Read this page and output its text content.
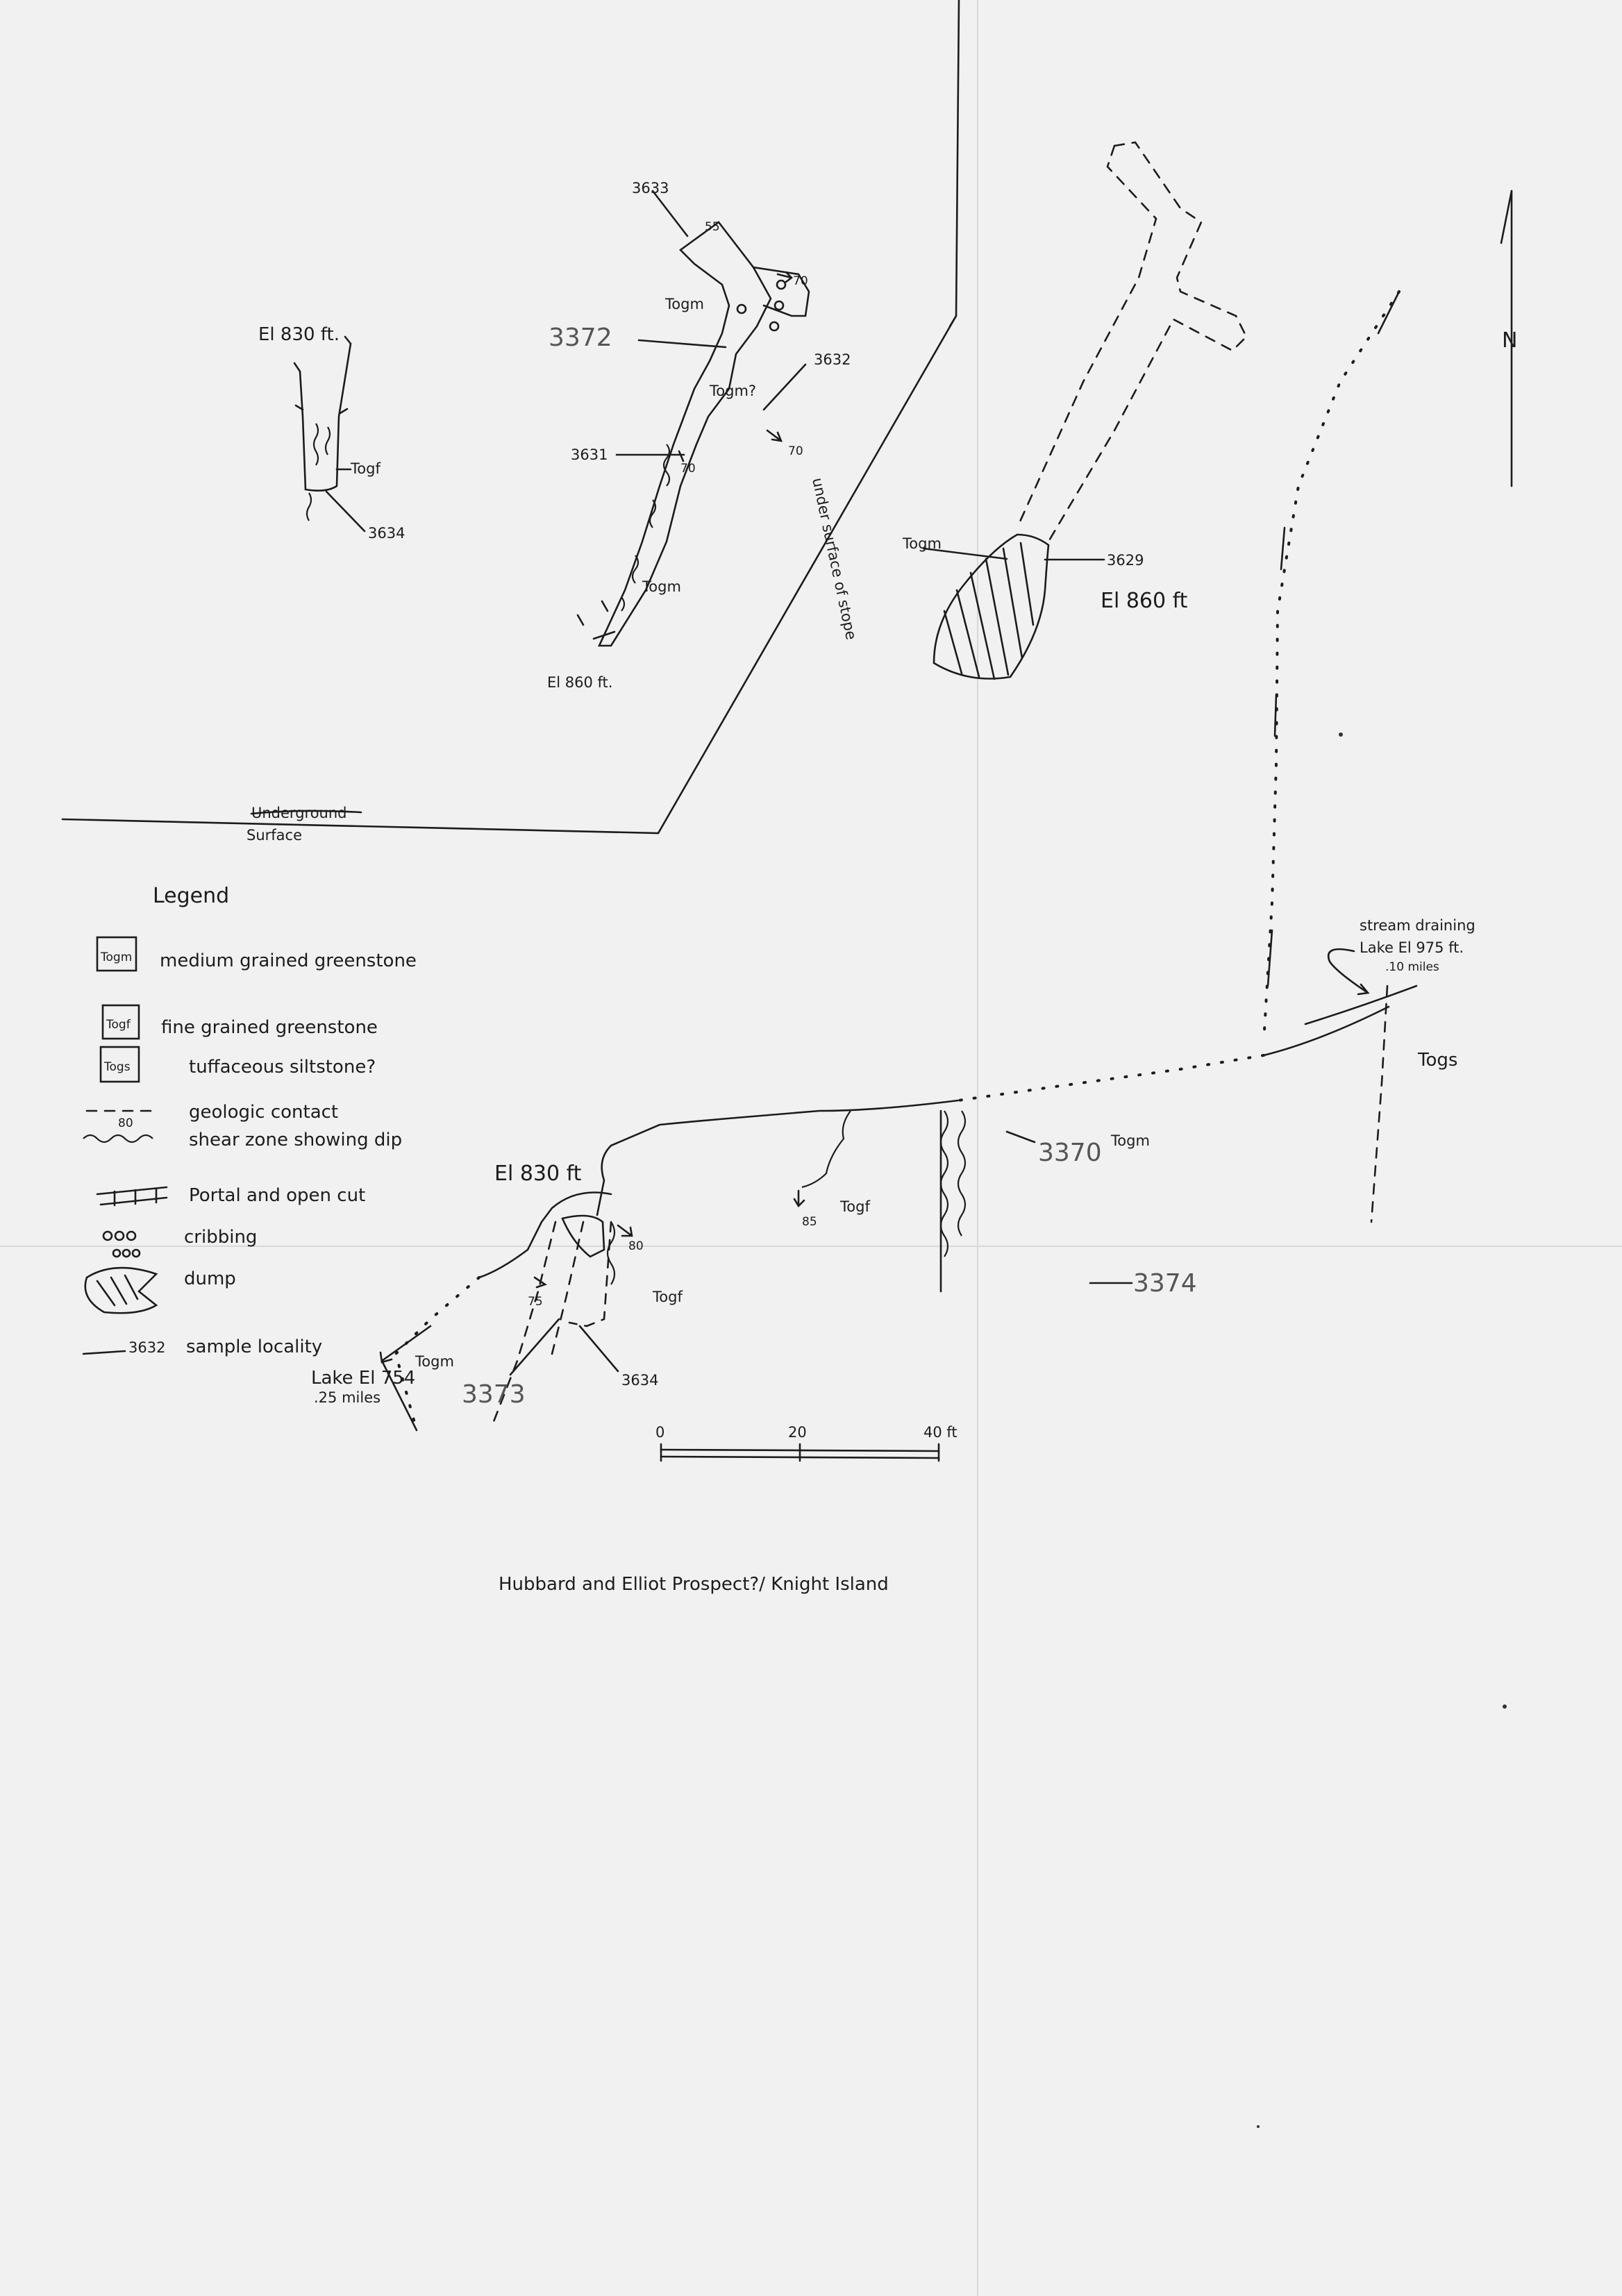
Underground
Surface
N
El 830 ft.
Togf
3634
3633
3632
3631
3372
Togm
Togm?
Togm
70
70
70
55
El 860 ft.
under surface of stope	Togm
3629
El 860 ft
Legend
Togm medium grained greenstone
Togf fine grained greenstone
Togs	tuffaceous siltstone?
geologic contact
80
shear zone showing dip
Portal and open cut
cribbing
dump
3632 sample locality
stream draining
Lake El 975 ft.
.10 miles
Togs
85
Togf
3370 Togm
3374
75
80
El 830 ft
Togf
Togm
Lake El 754
.25 miles	3373	3634
0	20	40 ft
Hubbard and Elliot Prospect?/ Knight Island
